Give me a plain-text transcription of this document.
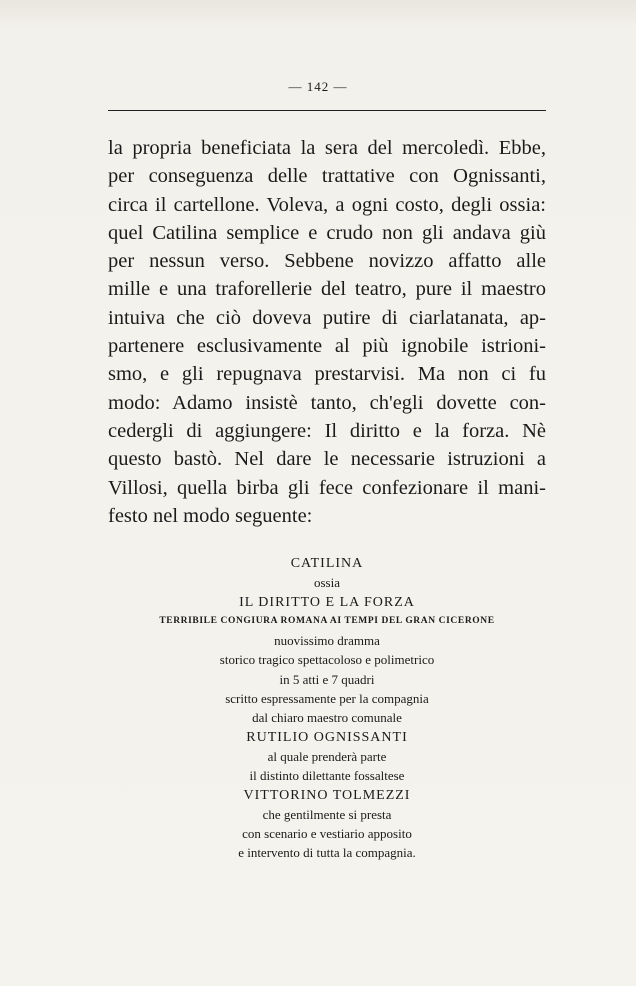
— 142 —
la propria beneficiata la sera del mercoledì. Ebbe,
per conseguenza delle trattative con Ognissanti,
circa il cartellone. Voleva, a ogni costo, degli ossia:
quel Catilina semplice e crudo non gli andava giù
per nessun verso. Sebbene novizzo affatto alle
mille e una traforellerie del teatro, pure il maestro
intuiva che ciò doveva putire di ciarlatanata, ap-
partenere esclusivamente al più ignobile istrioni-
smo, e gli repugnava prestarvisi. Ma non ci fu
modo: Adamo insistè tanto, ch'egli dovette con-
cedergli di aggiungere: Il diritto e la forza. Nè
questo bastò. Nel dare le necessarie istruzioni a
Villosi, quella birba gli fece confezionare il mani-
festo nel modo seguente:
CATILINA
ossia
IL DIRITTO E LA FORZA
TERRIBILE CONGIURA ROMANA AI TEMPI DEL GRAN CICERONE
nuovissimo dramma
storico tragico spettacoloso e polimetrico
in 5 atti e 7 quadri
scritto espressamente per la compagnia
dal chiaro maestro comunale
RUTILIO OGNISSANTI
al quale prenderà parte
il distinto dilettante fossaltese
VITTORINO TOLMEZZI
che gentilmente si presta
con scenario e vestiario apposito
e intervento di tutta la compagnia.
